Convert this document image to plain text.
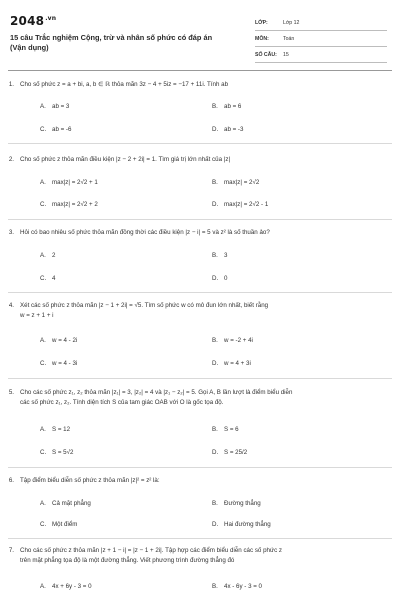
$2048^{.vn}$
15 câu Trắc nghiệm Cộng, trừ và nhân số phức có đáp án
(Vận dụng)
LỚP:	Lớp 12
MÔN:	Toán
SỐ CÂU:	15
1. Cho số phức z = a + bi, a, b ∈ ℝ thỏa mãn 3z − 4 + 5iz = −17 + 11i. Tính ab
A. ab = 3	B. ab = 6
C. ab = -6	D. ab = -3
2. Cho số phức z thỏa mãn điều kiện |z − 2 + 2i| = 1. Tìm giá trị lớn nhất của |z|
A. max|z| = 2√2 + 1	B. max|z| = 2√2
C. max|z| = 2√2 + 2	D. max|z| = 2√2 - 1
3. Hỏi có bao nhiêu số phức thỏa mãn đồng thời các điều kiện |z − i| = 5 và z² là số thuần ảo?
A. 2	B. 3
C. 4	D. 0
4. Xét các số phức z thỏa mãn |z − 1 + 2i| = √5. Tìm số phức w có mô đun lớn nhất, biết rằng
w = z + 1 + i
A. w = 4 - 2i	B. w = -2 + 4i
C. w = 4 - 3i	D. w = 4 + 3i
5. Cho các số phức z₁, z₂ thỏa mãn |z₁| = 3, |z₂| = 4 và |z₁ − z₂| = 5. Gọi A, B lần lượt là điểm biểu diễn
các số phức z₁, z₂. Tính diện tích S của tam giác OAB với O là gốc tọa độ.
A. S = 12	B. S = 6
C. S = 5√2	D. S = 25/2
6. Tập điểm biểu diễn số phức z thỏa mãn |z|² = z² là:
A. Cả mặt phẳng	B. Đường thẳng
C. Một điểm	D. Hai đường thẳng
7. Cho các số phức z thỏa mãn |z + 1 − i| = |z − 1 + 2i|. Tập hợp các điểm biểu diễn các số phức z
trên mặt phẳng tọa độ là một đường thẳng. Viết phương trình đường thẳng đó
A. 4x + 6y - 3 = 0	B. 4x - 6y - 3 = 0
